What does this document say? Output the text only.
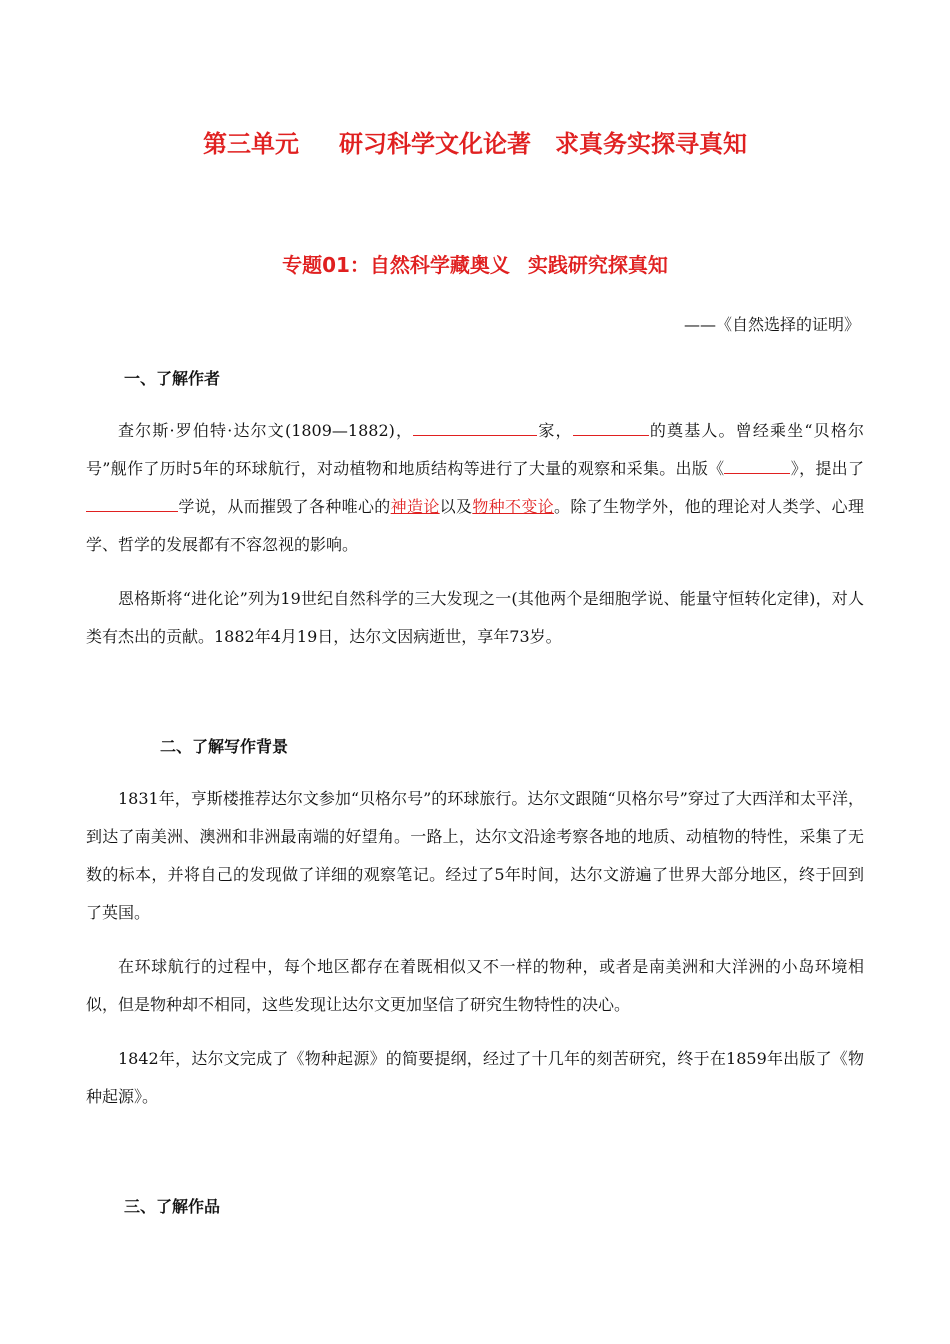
第三单元 研习科学文化论著 求真务实探寻真知
专题01：自然科学藏奥义 实践研究探真知
——《自然选择的证明》
一、了解作者
查尔斯·罗伯特·达尔文(1809—1882)，	家，	的奠基人。曾经乘坐“贝格尔号”舰作了历时5年的环球航行，对动植物和地质结构等进行了大量的观察和采集。出版《	》，提出了学说，从而摧毁了各种唯心的神造论以及物种不变论。除了生物学外，他的理论对人类学、心理学、哲学的发展都有不容忽视的影响。
恩格斯将“进化论”列为19世纪自然科学的三大发现之一(其他两个是细胞学说、能量守恒转化定律)，对人类有杰出的贡献。1882年4月19日，达尔文因病逝世，享年73岁。
二、了解写作背景
1831年，亨斯楼推荐达尔文参加“贝格尔号”的环球旅行。达尔文跟随“贝格尔号”穿过了大西洋和太平洋，到达了南美洲、澳洲和非洲最南端的好望角。一路上，达尔文沿途考察各地的地质、动植物的特性，采集了无数的标本，并将自己的发现做了详细的观察笔记。经过了5年时间，达尔文游遍了世界大部分地区，终于回到了英国。
在环球航行的过程中，每个地区都存在着既相似又不一样的物种，或者是南美洲和大洋洲的小岛环境相似，但是物种却不相同，这些发现让达尔文更加坚信了研究生物特性的决心。
1842年，达尔文完成了《物种起源》的简要提纲，经过了十几年的刻苦研究，终于在1859年出版了《物种起源》。
三、了解作品
